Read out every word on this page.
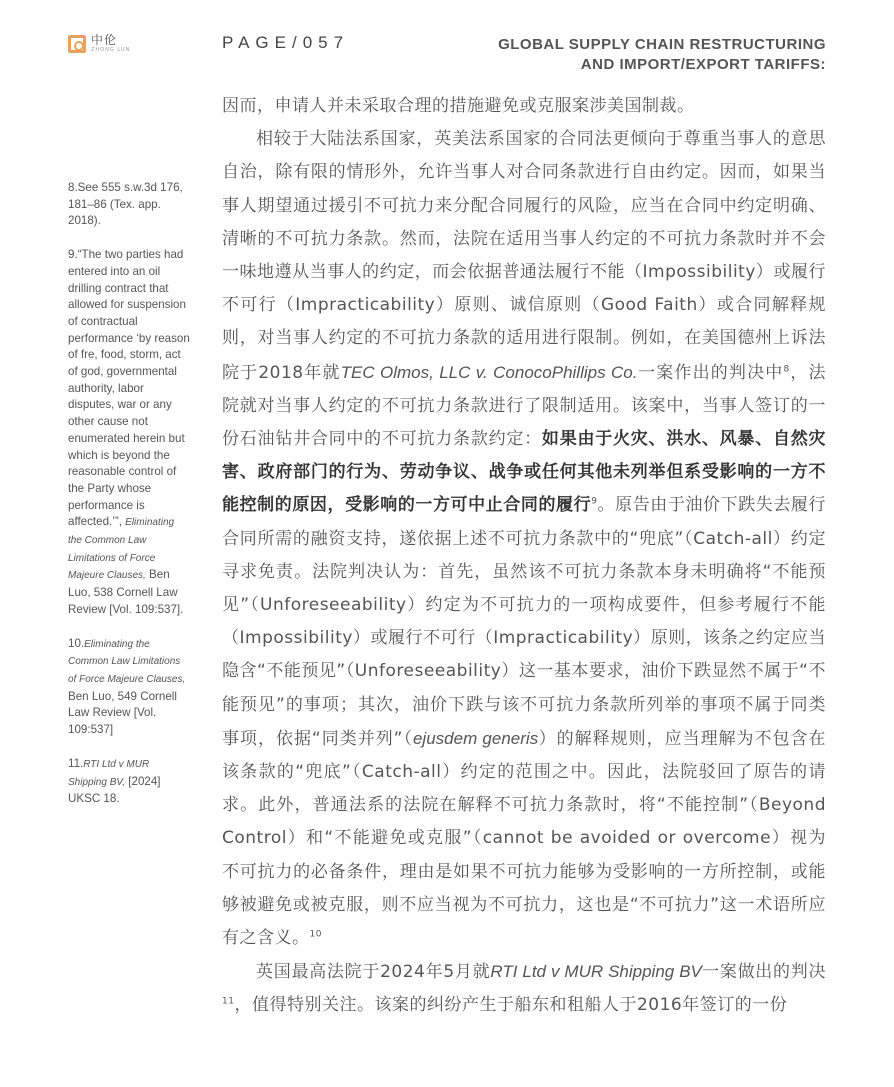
中伦
ZHONG LUN	PAGE/057	GLOBAL SUPPLY CHAIN RESTRUCTURING
AND IMPORT/EXPORT TARIFFS:

8.See 555 s.w.3d 176, 181–86 (Tex. app. 2018).

9.“The two parties had entered into an oil drilling contract that allowed for suspension of contractual performance ‘by reason of fre, food, storm, act of god, governmental authority, labor disputes, war or any other cause not enumerated herein but which is beyond the reasonable control of the Party whose performance is affected.’”, Eliminating the Common Law Limitations of Force Majeure Clauses, Ben Luo, 538 Cornell Law Review [Vol. 109:537].

10.Eliminating the Common Law Limitations of Force Majeure Clauses, Ben Luo, 549 Cornell Law Review [Vol. 109:537]

11.RTI Ltd v MUR Shipping BV, [2024] UKSC 18.

因而，申请人并未采取合理的措施避免或克服案涉美国制裁。

相较于大陆法系国家，英美法系国家的合同法更倾向于尊重当事人的意思自治，除有限的情形外，允许当事人对合同条款进行自由约定。因而，如果当事人期望通过援引不可抗力来分配合同履行的风险，应当在合同中约定明确、清晰的不可抗力条款。然而，法院在适用当事人约定的不可抗力条款时并不会一味地遵从当事人的约定，而会依据普通法履行不能（Impossibility）或履行不可行（Impracticability）原则、诚信原则（Good Faith）或合同解释规则，对当事人约定的不可抗力条款的适用进行限制。例如，在美国德州上诉法院于2018年就TEC Olmos, LLC v. ConocoPhillips Co.一案作出的判决中$^8$，法院就对当事人约定的不可抗力条款进行了限制适用。该案中，当事人签订的一份石油钻井合同中的不可抗力条款约定：如果由于火灾、洪水、风暴、自然灾害、政府部门的行为、劳动争议、战争或任何其他未列举但系受影响的一方不能控制的原因，受影响的一方可中止合同的履行$^9$。原告由于油价下跌失去履行合同所需的融资支持，遂依据上述不可抗力条款中的“兜底”（Catch-all）约定寻求免责。法院判决认为：首先，虽然该不可抗力条款本身未明确将“不能预见”（Unforeseeability）约定为不可抗力的一项构成要件，但参考履行不能（Impossibility）或履行不可行（Impracticability）原则，该条之约定应当隐含“不能预见”（Unforeseeability）这一基本要求，油价下跌显然不属于“不能预见”的事项；其次，油价下跌与该不可抗力条款所列举的事项不属于同类事项，依据“同类并列”（ejusdem generis）的解释规则，应当理解为不包含在该条款的“兜底”（Catch-all）约定的范围之中。因此，法院驳回了原告的请求。此外，普通法系的法院在解释不可抗力条款时，将“不能控制”（Beyond Control）和“不能避免或克服”（cannot be avoided or overcome）视为不可抗力的必备条件，理由是如果不可抗力能够为受影响的一方所控制，或能够被避免或被克服，则不应当视为不可抗力，这也是“不可抗力”这一术语所应有之含义。$^{10}$

英国最高法院于2024年5月就RTI Ltd v MUR Shipping BV一案做出的判决$^{11}$，值得特别关注。该案的纠纷产生于船东和租船人于2016年签订的一份
